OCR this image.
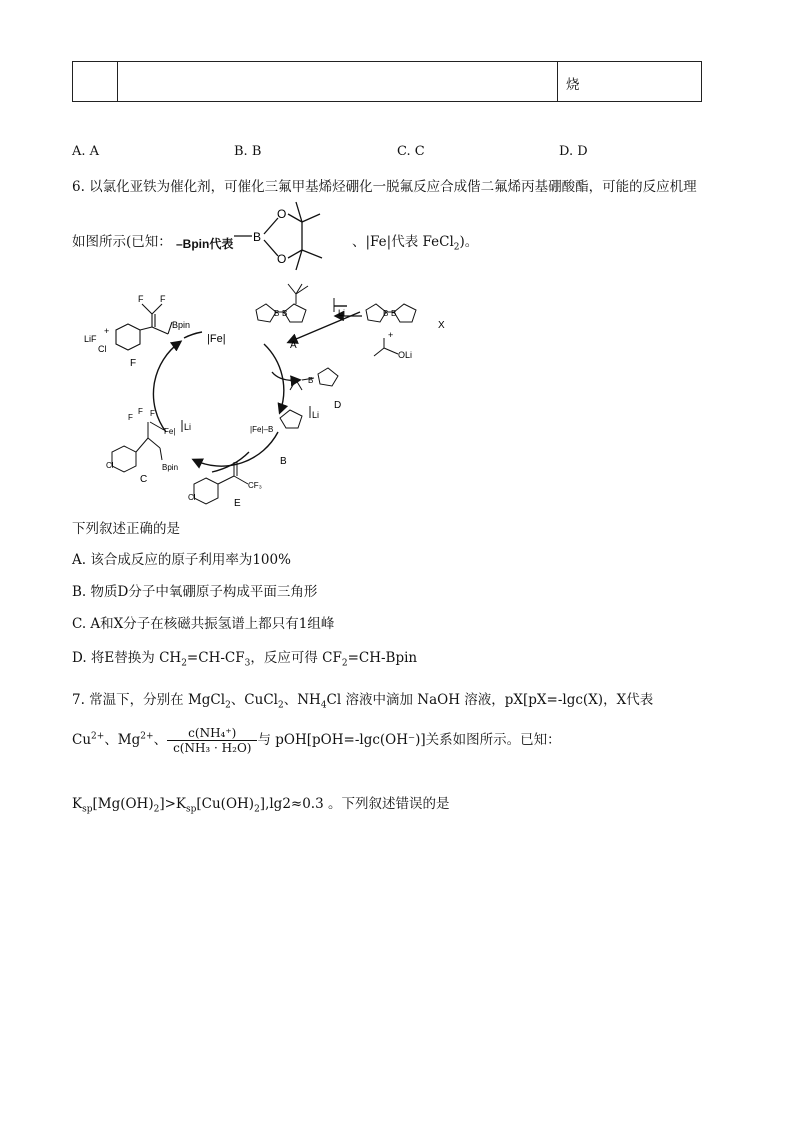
烧
A. A	B. B	C. C	D. D
6. 以氯化亚铁为催化剂，可催化三氟甲基烯烃硼化一脱氟反应合成偕二氟烯丙基硼酸酯，可能的反应机理
如图所示(已知： –Bpin代表 B
O
O
、|Fe|代表 FeCl$_2$)。
|Fe|
F F
Bpin
LiF
+
Cl
F
B B	Li
A
B B
+
OLi
X
B
D
|Fe|–B
Li
B
F
F F
Fe| Li
Bpin
Cl
C
CF₃
Cl
E
下列叙述正确的是
A. 该合成反应的原子利用率为100%
B. 物质D分子中氧硼原子构成平面三角形
C. A和X分子在核磁共振氢谱上都只有1组峰
D. 将E替换为 $CH_2=CH-CF_3$，反应可得 $CF_2=CH$-Bpin
7. 常温下，分别在 MgCl$_2$、CuCl$_2$、$NH_4Cl$ 溶液中滴加 NaOH 溶液，pX[pX=-lgc(X)，X代表
$Cu^{2+}$、$Mg^{2+}$、 $\frac{\text{c(NH₄⁺)}}{\text{c(NH₃ · H₂O)}}$ 与 pOH[pOH=-lgc(OH⁻)]关系如图所示。已知：
$K_{sp}[Mg(OH)_2]>K_{sp}[Cu(OH)_2],\lg 2\approx 0.3$ 。下列叙述错误的是
